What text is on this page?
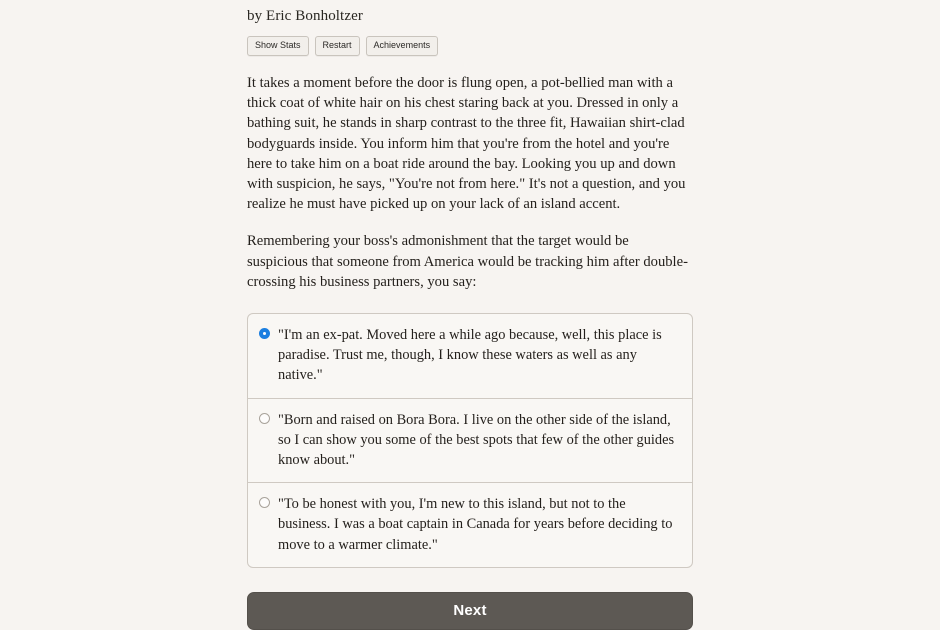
by Eric Bonholtzer
Show Stats	Restart	Achievements

It takes a moment before the door is flung open, a pot-bellied man with a thick coat of white hair on his chest staring back at you. Dressed in only a bathing suit, he stands in sharp contrast to the three fit, Hawaiian shirt-clad bodyguards inside. You inform him that you're from the hotel and you're here to take him on a boat ride around the bay. Looking you up and down with suspicion, he says, "You're not from here." It's not a question, and you realize he must have picked up on your lack of an island accent.

Remembering your boss's admonishment that the target would be suspicious that someone from America would be tracking him after double-crossing his business partners, you say:

"I'm an ex-pat. Moved here a while ago because, well, this place is paradise. Trust me, though, I know these waters as well as any native."
"Born and raised on Bora Bora. I live on the other side of the island, so I can show you some of the best spots that few of the other guides know about."
"To be honest with you, I'm new to this island, but not to the business. I was a boat captain in Canada for years before deciding to move to a warmer climate."
Next
